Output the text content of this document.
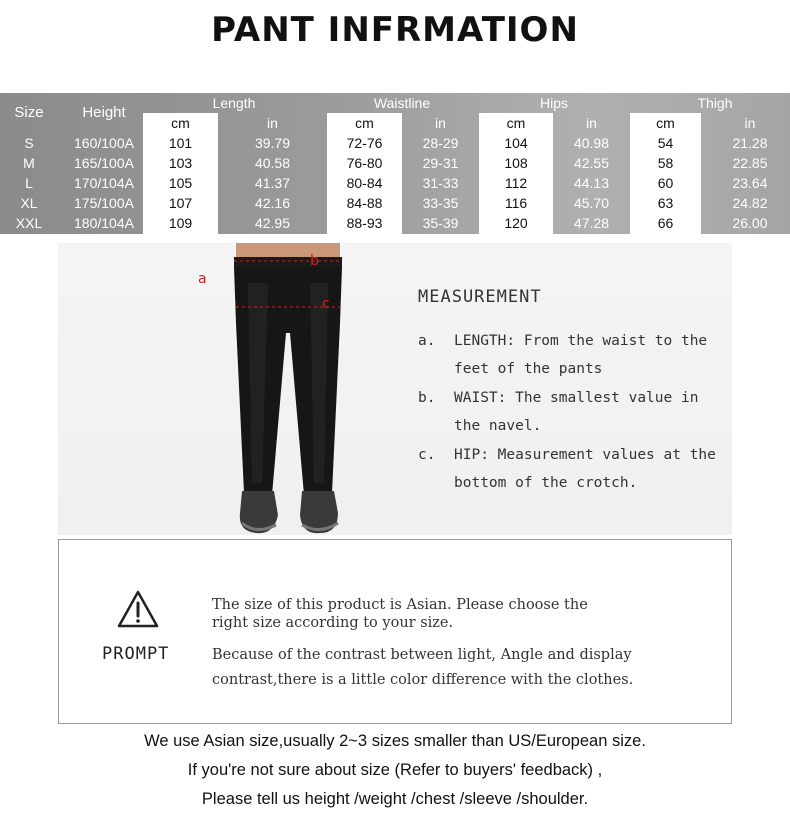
PANT INFRMATION
Size	Height
Length	Waistline	Hips	Thigh
cm	in	cm	in	cm	in	cm	in
S	160/100A	101	39.79	72-76	28-29	104	40.98	54	21.28
M	165/100A	103	40.58	76-80	29-31	108	42.55	58	22.85
L	170/104A	105	41.37	80-84	31-33	112	44.13	60	23.64
XL	175/100A	107	42.16	84-88	33-35	116	45.70	63	24.82
XXL	180/104A	109	42.95	88-93	35-39	120	47.28	66	26.00
a
b
c	MEASUREMENT
a. LENGTH: From the waist to the
feet of the pants
b. WAIST: The smallest value in
the navel.
c. HIP: Measurement values at the
bottom of the crotch.
PROMPT
The size of this product is Asian. Please choose the
right size according to your size.
Because of the contrast between light, Angle and display
contrast,there is a little color difference with the clothes.
We use Asian size,usually 2~3 sizes smaller than US/European size.
If you're not sure about size (Refer to buyers' feedback) ,
Please tell us height /weight /chest /sleeve /shoulder.
